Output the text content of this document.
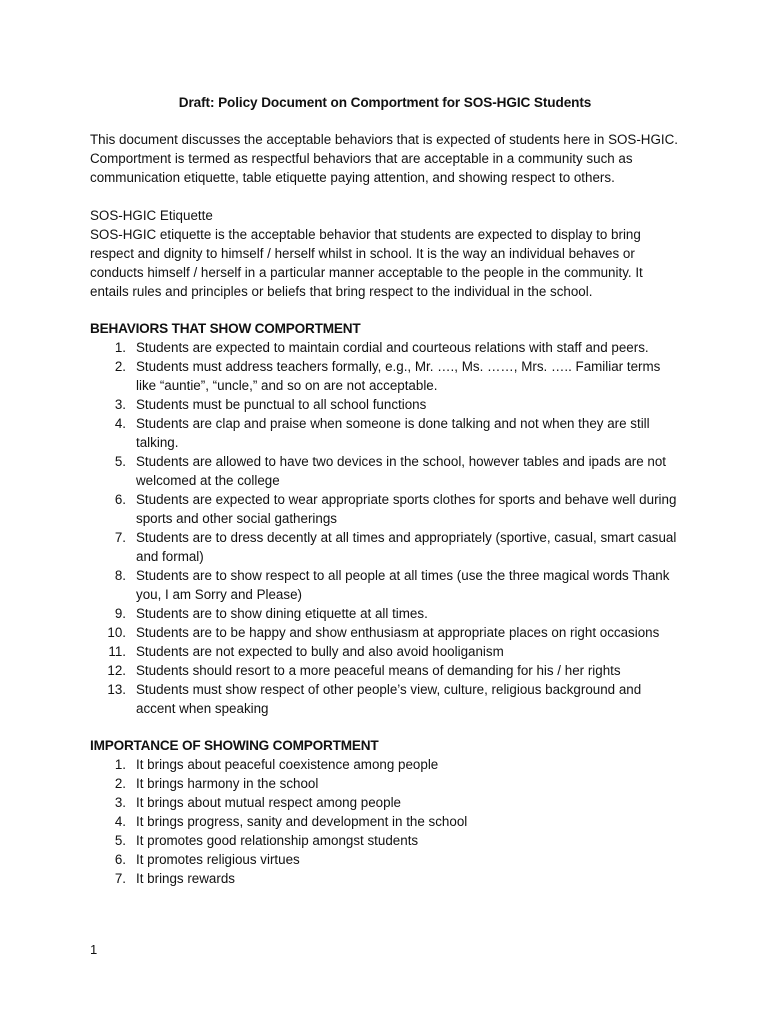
Draft: Policy Document on Comportment for SOS-HGIC Students

This document discusses the acceptable behaviors that is expected of students here in SOS-HGIC. Comportment is termed as respectful behaviors that are acceptable in a community such as communication etiquette, table etiquette paying attention, and showing respect to others.

SOS-HGIC Etiquette

SOS-HGIC etiquette is the acceptable behavior that students are expected to display to bring respect and dignity to himself / herself whilst in school. It is the way an individual behaves or conducts himself / herself in a particular manner acceptable to the people in the community. It entails rules and principles or beliefs that bring respect to the individual in the school.

BEHAVIORS THAT SHOW COMPORTMENT

1. Students are expected to maintain cordial and courteous relations with staff and peers.
2. Students must address teachers formally, e.g., Mr. …., Ms. ……, Mrs. ….. Familiar terms like “auntie”, “uncle,” and so on are not acceptable.
3. Students must be punctual to all school functions
4. Students are clap and praise when someone is done talking and not when they are still talking.
5. Students are allowed to have two devices in the school, however tables and ipads are not welcomed at the college
6. Students are expected to wear appropriate sports clothes for sports and behave well during sports and other social gatherings
7. Students are to dress decently at all times and appropriately (sportive, casual, smart casual and formal)
8. Students are to show respect to all people at all times (use the three magical words Thank you, I am Sorry and Please)
9. Students are to show dining etiquette at all times.
10. Students are to be happy and show enthusiasm at appropriate places on right occasions
11. Students are not expected to bully and also avoid hooliganism
12. Students should resort to a more peaceful means of demanding for his / her rights
13. Students must show respect of other people’s view, culture, religious background and accent when speaking

IMPORTANCE OF SHOWING COMPORTMENT

1. It brings about peaceful coexistence among people
2. It brings harmony in the school
3. It brings about mutual respect among people
4. It brings progress, sanity and development in the school
5. It promotes good relationship amongst students
6. It promotes religious virtues
7. It brings rewards
1
